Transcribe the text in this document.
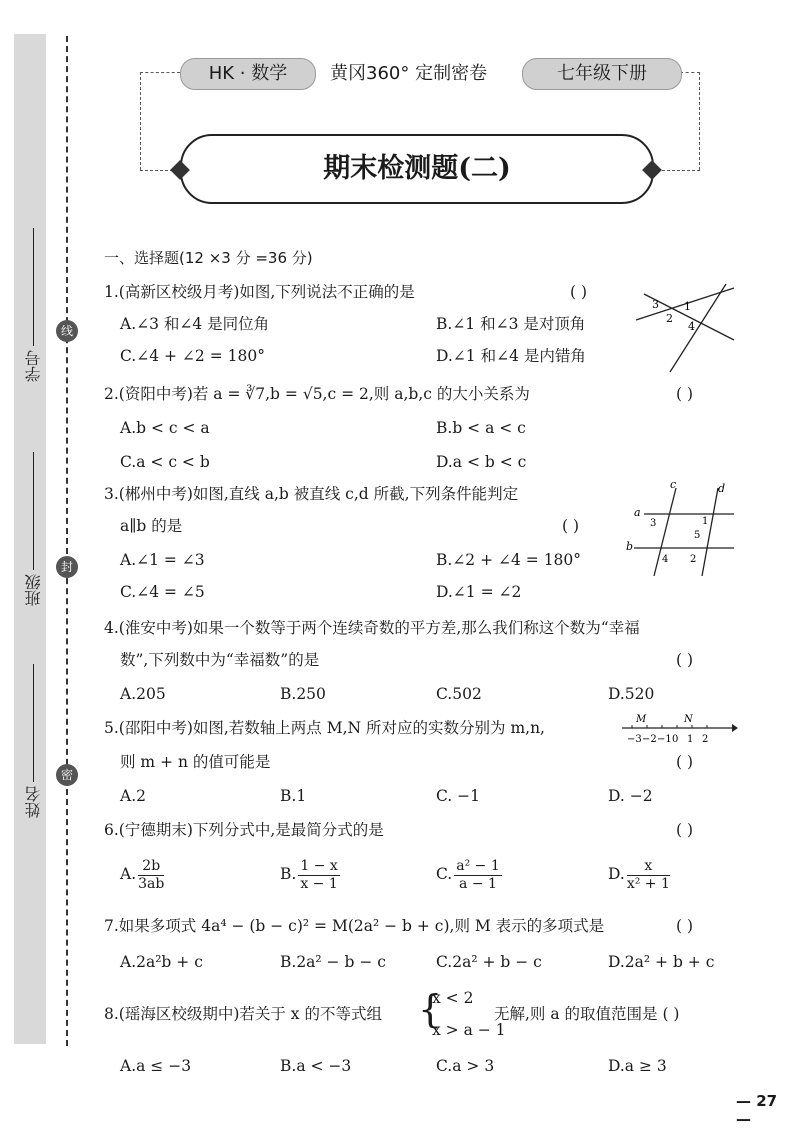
线
封
密
学号
班级
姓名
HK · 数学	黄冈360° 定制密卷	七年级下册
期末检测题(二)
一、选择题(12 ×3 分 =36 分)
1.(高新区校级月考)如图,下列说法不正确的是	( )
A.∠3 和∠4 是同位角	B.∠1 和∠3 是对顶角
C.∠4 + ∠2 = 180°	D.∠1 和∠4 是内错角
3 1
2
4
2.(资阳中考)若 a = ∛7,b = √5,c = 2,则 a,b,c 的大小关系为	( )
A.b < c < a	B.b < a < c
C.a < c < b	D.a < b < c
3.(郴州中考)如图,直线 a,b 被直线 c,d 所截,下列条件能判定
a∥b 的是	( )
A.∠1 = ∠3	B.∠2 + ∠4 = 180°
C.∠4 = ∠5	D.∠1 = ∠2
c	d
a
b
3	1
5
4 2
4.(淮安中考)如果一个数等于两个连续奇数的平方差,那么我们称这个数为“幸福
数”,下列数中为“幸福数”的是	( )
A.205	B.250	C.502	D.520
5.(邵阳中考)如图,若数轴上两点 M,N 所对应的实数分别为 m,n,
则 m + n 的值可能是	( )
M	N
−3 −2 −1 0 1 2
A.2	B.1	C. −1	D. −2
6.(宁德期末)下列分式中,是最简分式的是	( )
A. $\frac{2b}{3ab}$	B. $\frac{1 - x}{x - 1}$	C. $\frac{\text{a² − 1}}{a - 1}$	D. $\frac{x}{\text{x² + 1}}$
7.如果多项式 4a⁴ − (b − c)² = M(2a² − b + c),则 M 表示的多项式是	( )
A.2a²b + c	B.2a² − b − c	C.2a² + b − c	D.2a² + b + c
8.(瑶海区校级期中)若关于 x 的不等式组 {
x < 2
x > a − 1
无解,则 a 的取值范围是 ( )
A.a ≤ −3	B.a < −3	C.a > 3	D.a ≥ 3
— 27 —
